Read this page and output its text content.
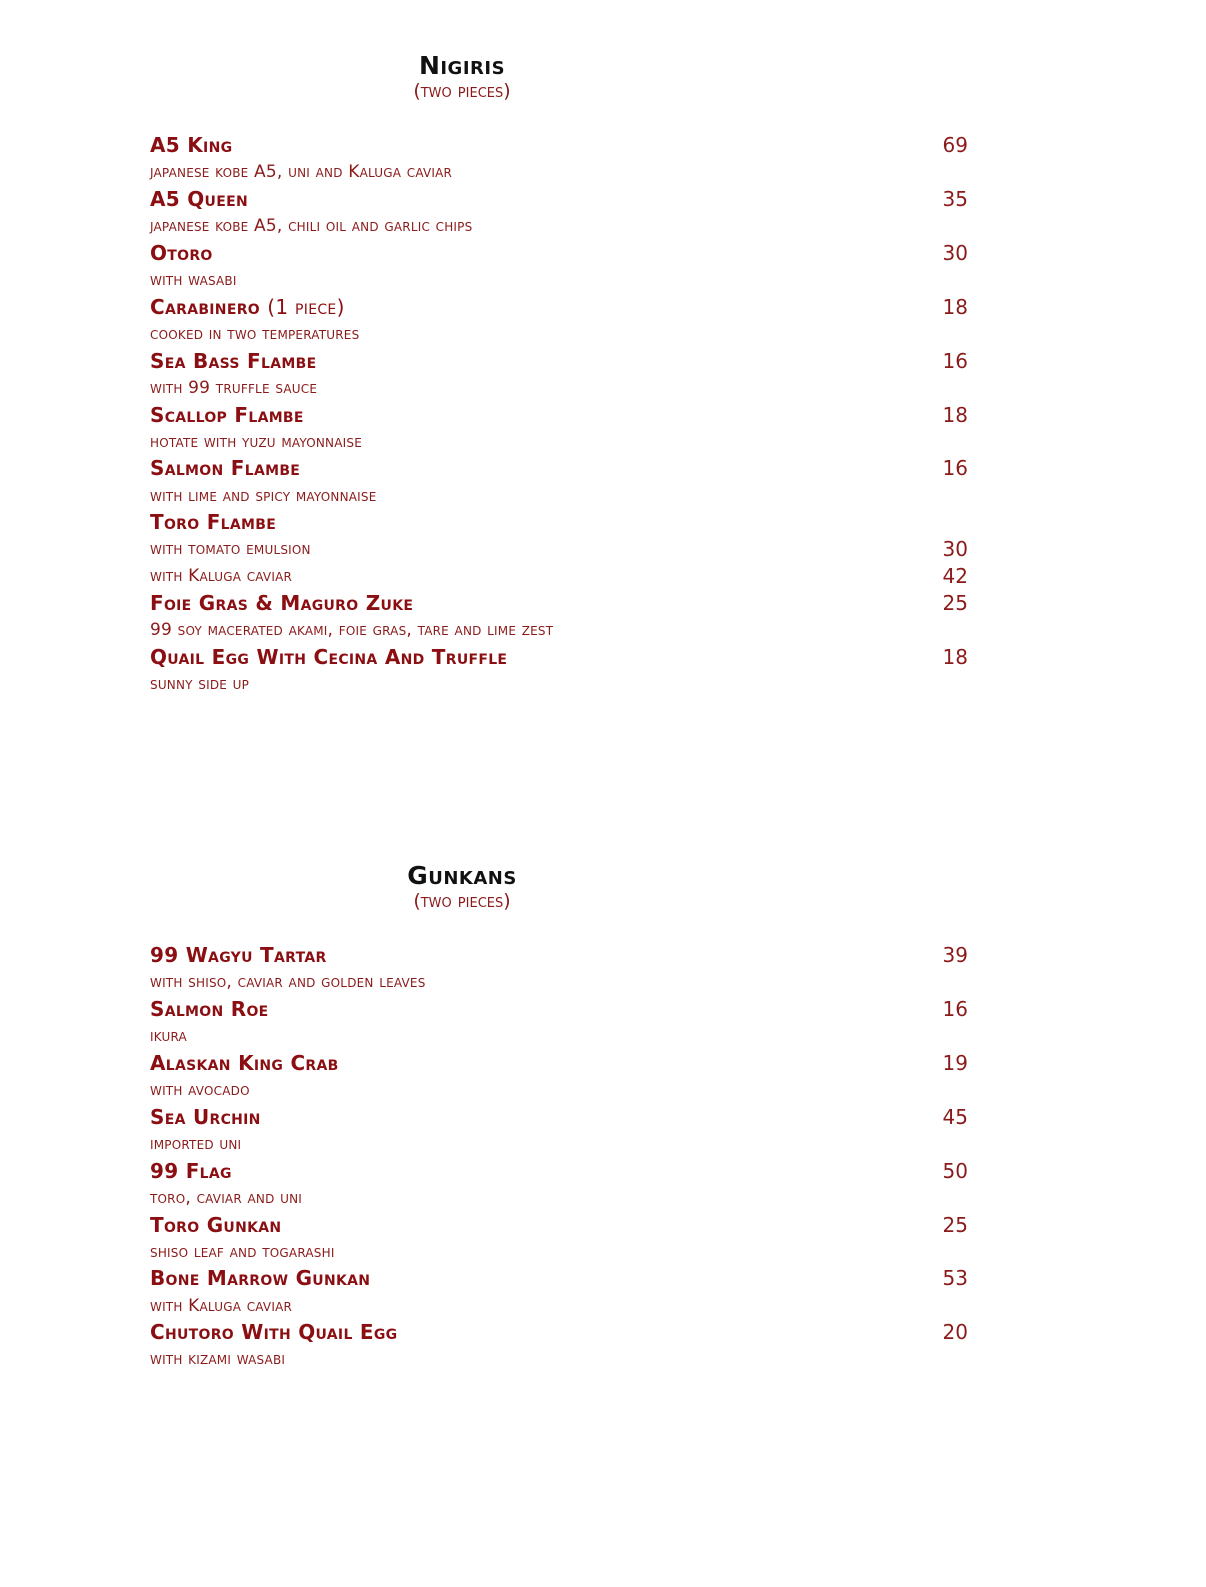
Nigiris
(two pieces)
A5 King	69
japanese kobe A5, uni and Kaluga caviar
A5 Queen	35
japanese kobe A5, chili oil and garlic chips
Otoro	30
with wasabi
Carabinero (1 piece)	18
cooked in two temperatures
Sea Bass Flambe	16
with 99 truffle sauce
Scallop Flambe	18
hotate with yuzu mayonnaise
Salmon Flambe	16
with lime and spicy mayonnaise
Toro Flambe
with tomato emulsion	30
with Kaluga caviar	42
Foie Gras & Maguro Zuke	25
99 soy macerated akami, foie gras, tare and lime zest
Quail Egg With Cecina And Truffle	18
sunny side up
Gunkans
(two pieces)
99 Wagyu Tartar	39
with shiso, caviar and golden leaves
Salmon Roe	16
ikura
Alaskan King Crab	19
with avocado
Sea Urchin	45
imported uni
99 Flag	50
toro, caviar and uni
Toro Gunkan	25
shiso leaf and togarashi
Bone Marrow Gunkan	53
with Kaluga caviar
Chutoro With Quail Egg	20
with kizami wasabi
